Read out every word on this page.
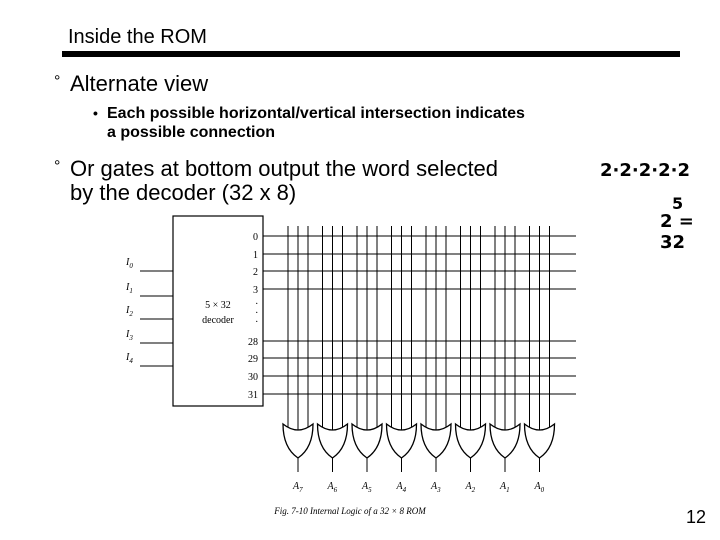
Inside the ROM
° Alternate view
• Each possible horizontal/vertical intersection indicates
a possible connection
° Or gates at bottom output the word selected
by the decoder (32 x 8)
2·2·2·2·2
5
2 = 32
5 × 32
decoder
$I_0$
$I_1$
$I_2$
$I_3$
$I_4$
0
1
2
3
.
.
.
28
29
30
31
$A_7$ $A_6$ $A_5$ $A_4$ $A_3$ $A_2$ $A_1$ $A_0$
Fig. 7-10 Internal Logic of a 32 × 8 ROM	12
